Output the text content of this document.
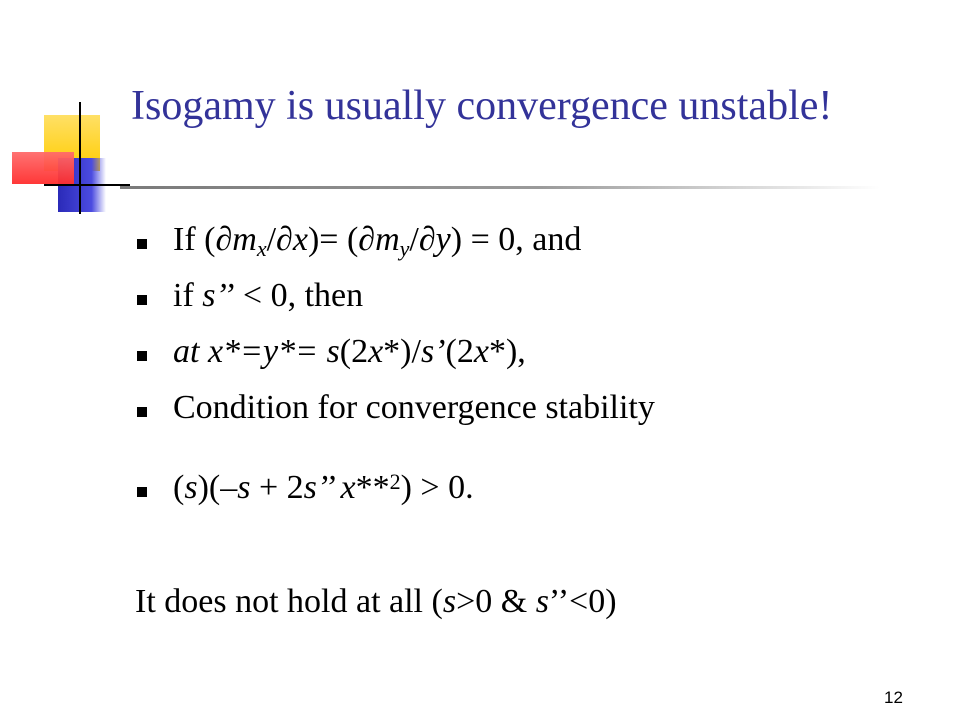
Isogamy is usually convergence unstable!
If $(\partial m_x/\partial x)= (\partial m_y/\partial y) = 0$, and
if s’’ < 0, then
at x*=y*= s(2x*)/s’(2x*),
Condition for convergence stability
(s)(–s + 2s’’ x**$^2$) > 0.
It does not hold at all (s>0 & s’’<0)
12
